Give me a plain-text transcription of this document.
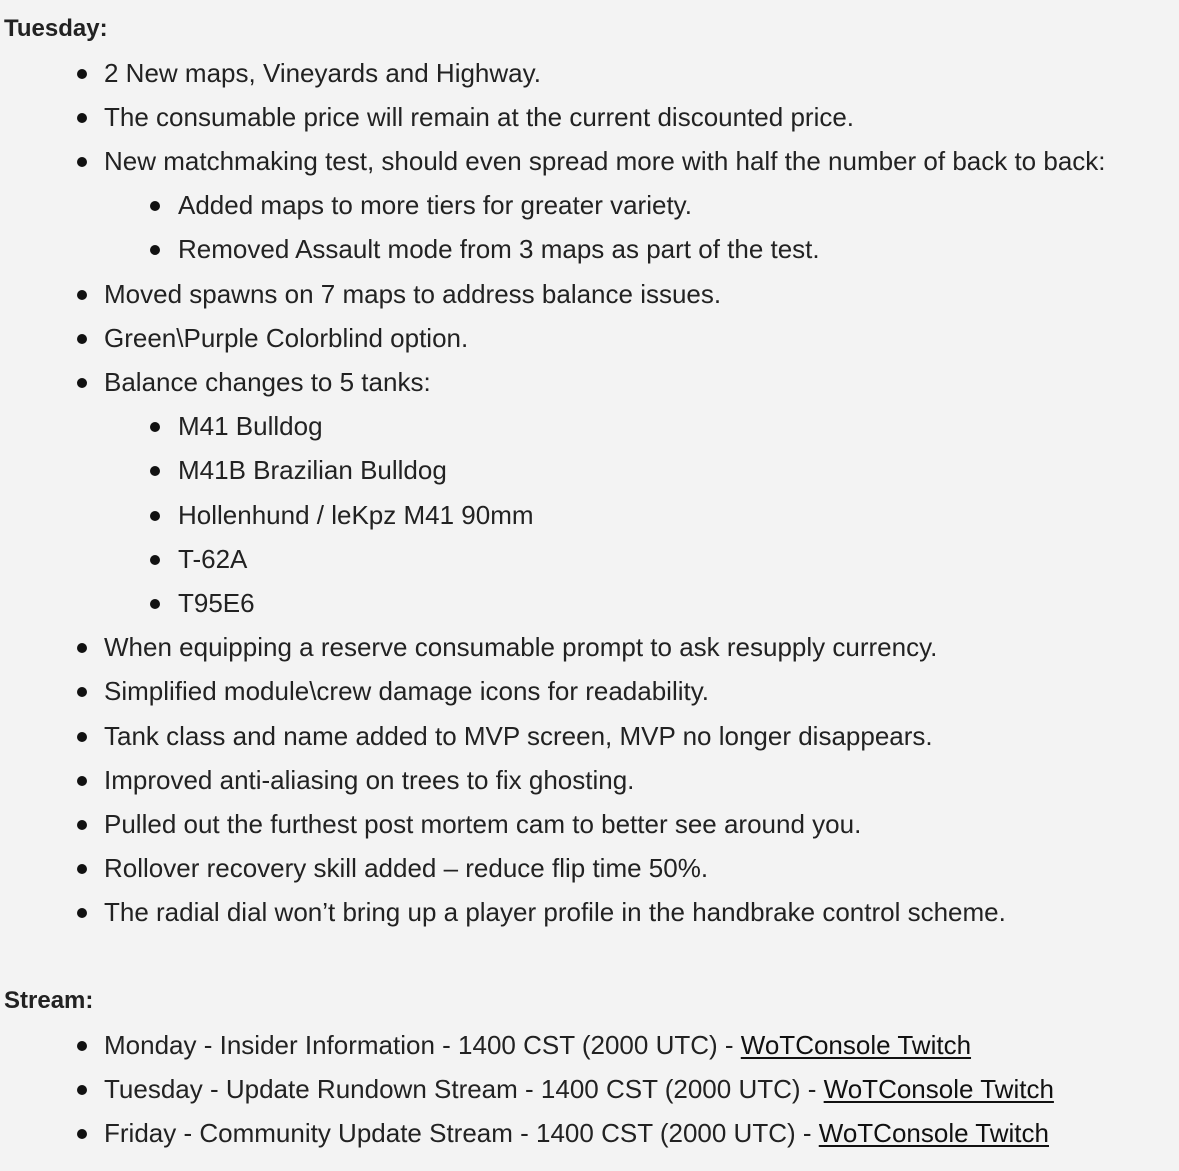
Tuesday:
2 New maps, Vineyards and Highway.
The consumable price will remain at the current discounted price.
New matchmaking test, should even spread more with half the number of back to back:
Added maps to more tiers for greater variety.
Removed Assault mode from 3 maps as part of the test.
Moved spawns on 7 maps to address balance issues.
Green\Purple Colorblind option.
Balance changes to 5 tanks:
M41 Bulldog
M41B Brazilian Bulldog
Hollenhund / leKpz M41 90mm
T-62A
T95E6
When equipping a reserve consumable prompt to ask resupply currency.
Simplified module\crew damage icons for readability.
Tank class and name added to MVP screen, MVP no longer disappears.
Improved anti-aliasing on trees to fix ghosting.
Pulled out the furthest post mortem cam to better see around you.
Rollover recovery skill added – reduce flip time 50%.
The radial dial won’t bring up a player profile in the handbrake control scheme.
Stream:
Monday - Insider Information - 1400 CST (2000 UTC) - WoTConsole Twitch
Tuesday - Update Rundown Stream - 1400 CST (2000 UTC) - WoTConsole Twitch
Friday - Community Update Stream - 1400 CST (2000 UTC) - WoTConsole Twitch
